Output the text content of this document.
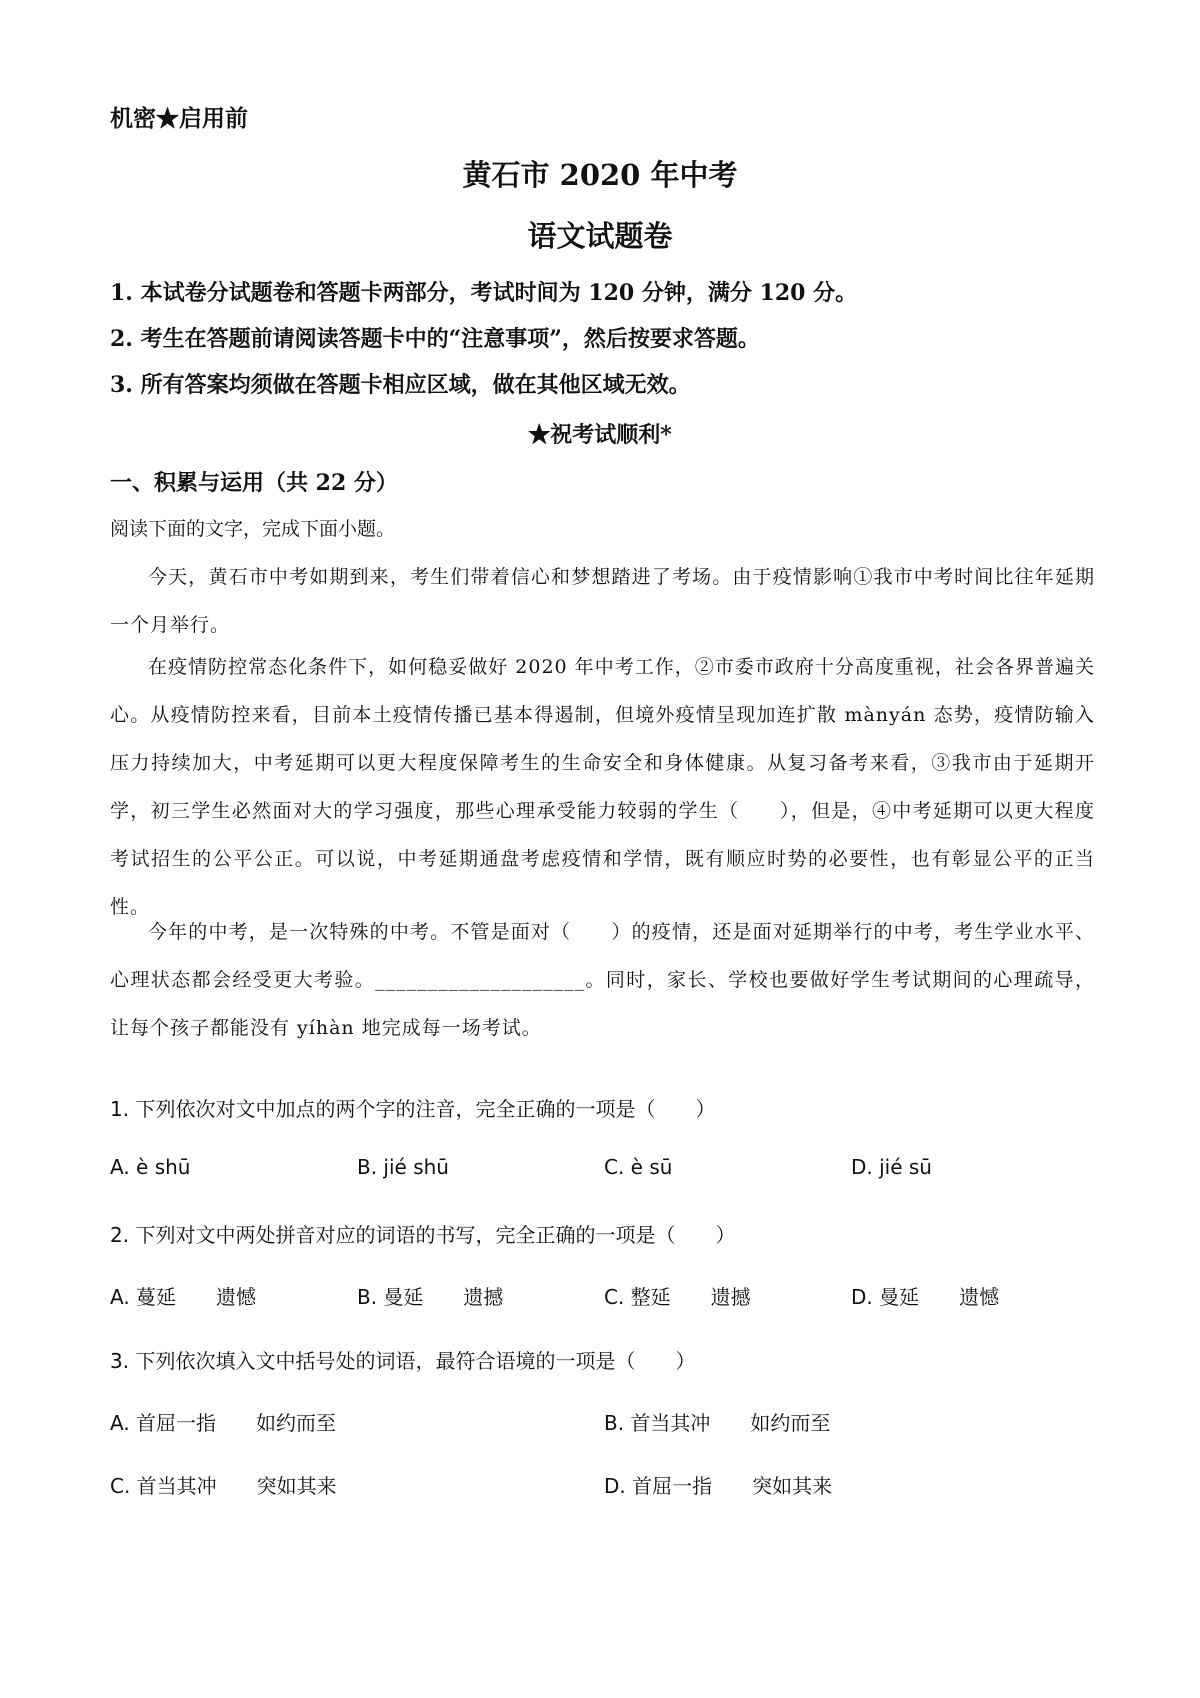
机密★启用前
黄石市 2020 年中考
语文试题卷
1. 本试卷分试题卷和答题卡两部分，考试时间为 120 分钟，满分 120 分。
2. 考生在答题前请阅读答题卡中的“注意事项”，然后按要求答题。
3. 所有答案均须做在答题卡相应区域，做在其他区域无效。
★祝考试顺利*
一、积累与运用（共 22 分）
阅读下面的文字，完成下面小题。

今天，黄石市中考如期到来，考生们带着信心和梦想踏进了考场。由于疫情影响①我市中考时间比往年延期一个月举行。

在疫情防控常态化条件下，如何稳妥做好 2020 年中考工作，②市委市政府十分高度重视，社会各界普遍关心。从疫情防控来看，目前本土疫情传播已基本得遏制，但境外疫情呈现加连扩散 mànyán 态势，疫情防输入压力持续加大，中考延期可以更大程度保障考生的生命安全和身体健康。从复习备考来看，③我市由于延期开学，初三学生必然面对大的学习强度，那些心理承受能力较弱的学生（　　），但是，④中考延期可以更大程度考试招生的公平公正。可以说，中考延期通盘考虑疫情和学情，既有顺应时势的必要性，也有彰显公平的正当性。

今年的中考，是一次特殊的中考。不管是面对（　　）的疫情，还是面对延期举行的中考，考生学业水平、心理状态都会经受更大考验。____________________。同时，家长、学校也要做好学生考试期间的心理疏导，让每个孩子都能没有 yíhàn 地完成每一场考试。

1. 下列依次对文中加点的两个字的注音，完全正确的一项是（　　）
A. è shū	B. jié shū	C. è sū	D. jié sū
2. 下列对文中两处拼音对应的词语的书写，完全正确的一项是（　　）
A. 蔓延　　遗憾	B. 曼延　　遗撼	C. 整延　　遗撼	D. 曼延　　遗憾
3. 下列依次填入文中括号处的词语，最符合语境的一项是（　　）
A. 首屈一指　　如约而至	B. 首当其冲　　如约而至
C. 首当其冲　　突如其来	D. 首屈一指　　突如其来
